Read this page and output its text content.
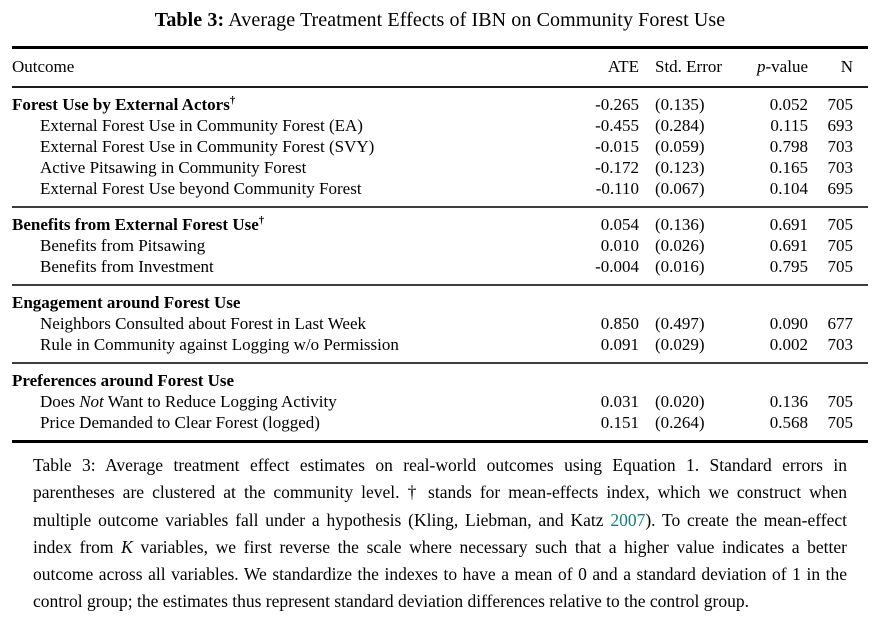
Table 3: Average Treatment Effects of IBN on Community Forest Use
Outcome	ATE	Std. Error	p-value	N
Forest Use by External Actors†	-0.265	(0.135)	0.052	705
External Forest Use in Community Forest (EA)	-0.455	(0.284)	0.115	693
External Forest Use in Community Forest (SVY)	-0.015	(0.059)	0.798	703
Active Pitsawing in Community Forest	-0.172	(0.123)	0.165	703
External Forest Use beyond Community Forest	-0.110	(0.067)	0.104	695
Benefits from External Forest Use†	0.054	(0.136)	0.691	705
Benefits from Pitsawing	0.010	(0.026)	0.691	705
Benefits from Investment	-0.004	(0.016)	0.795	705
Engagement around Forest Use				
Neighbors Consulted about Forest in Last Week	0.850	(0.497)	0.090	677
Rule in Community against Logging w/o Permission	0.091	(0.029)	0.002	703
Preferences around Forest Use				
Does Not Want to Reduce Logging Activity	0.031	(0.020)	0.136	705
Price Demanded to Clear Forest (logged)	0.151	(0.264)	0.568	705
Table 3: Average treatment effect estimates on real-world outcomes using Equation 1. Standard errors in parentheses are clustered at the community level. † stands for mean-effects index, which we construct when multiple outcome variables fall under a hypothesis (Kling, Liebman, and Katz 2007). To create the mean-effect index from K variables, we first reverse the scale where necessary such that a higher value indicates a better outcome across all variables. We standardize the indexes to have a mean of 0 and a standard deviation of 1 in the control group; the estimates thus represent standard deviation differences relative to the control group.
